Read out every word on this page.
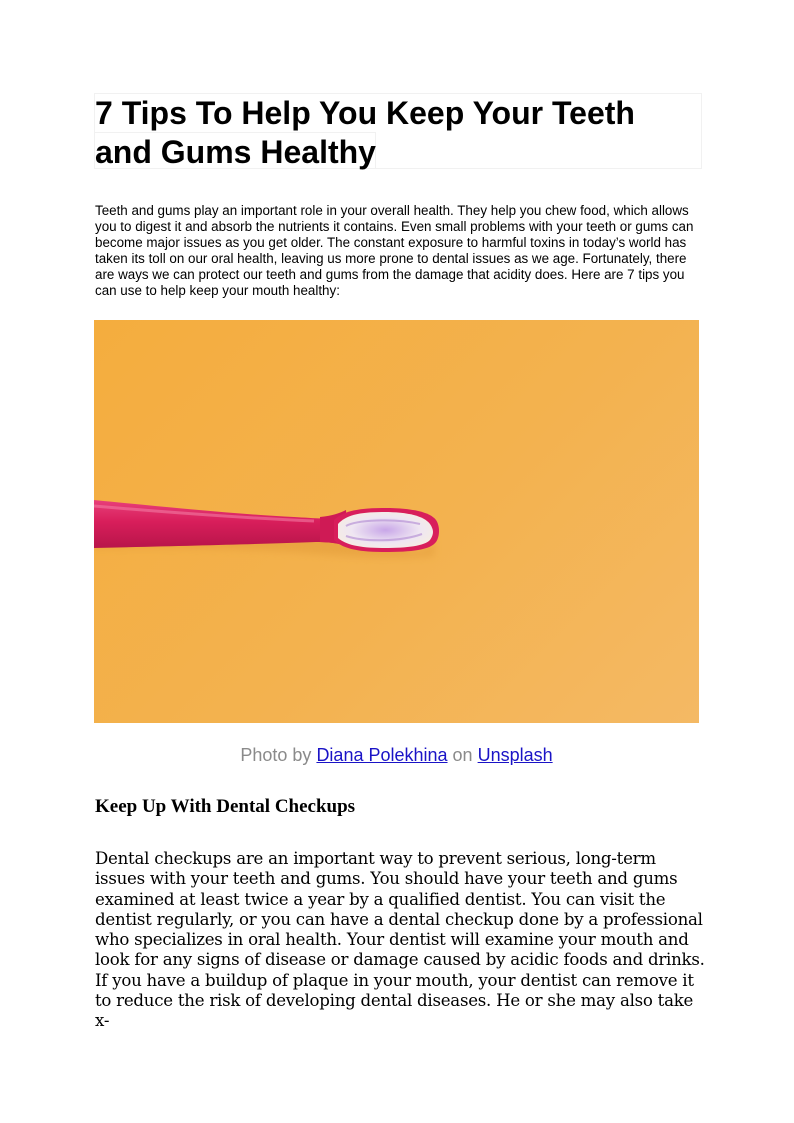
7 Tips To Help You Keep Your Teeth and Gums Healthy

Teeth and gums play an important role in your overall health. They help you chew food, which allows you to digest it and absorb the nutrients it contains. Even small problems with your teeth or gums can become major issues as you get older. The constant exposure to harmful toxins in today’s world has taken its toll on our oral health, leaving us more prone to dental issues as we age. Fortunately, there are ways we can protect our teeth and gums from the damage that acidity does. Here are 7 tips you can use to help keep your mouth healthy:

Photo by Diana Polekhina on Unsplash
Keep Up With Dental Checkups

Dental checkups are an important way to prevent serious, long-term issues with your teeth and gums. You should have your teeth and gums examined at least twice a year by a qualified dentist. You can visit the dentist regularly, or you can have a dental checkup done by a professional who specializes in oral health. Your dentist will examine your mouth and look for any signs of disease or damage caused by acidic foods and drinks. If you have a buildup of plaque in your mouth, your dentist can remove it to reduce the risk of developing dental diseases. He or she may also take x-
